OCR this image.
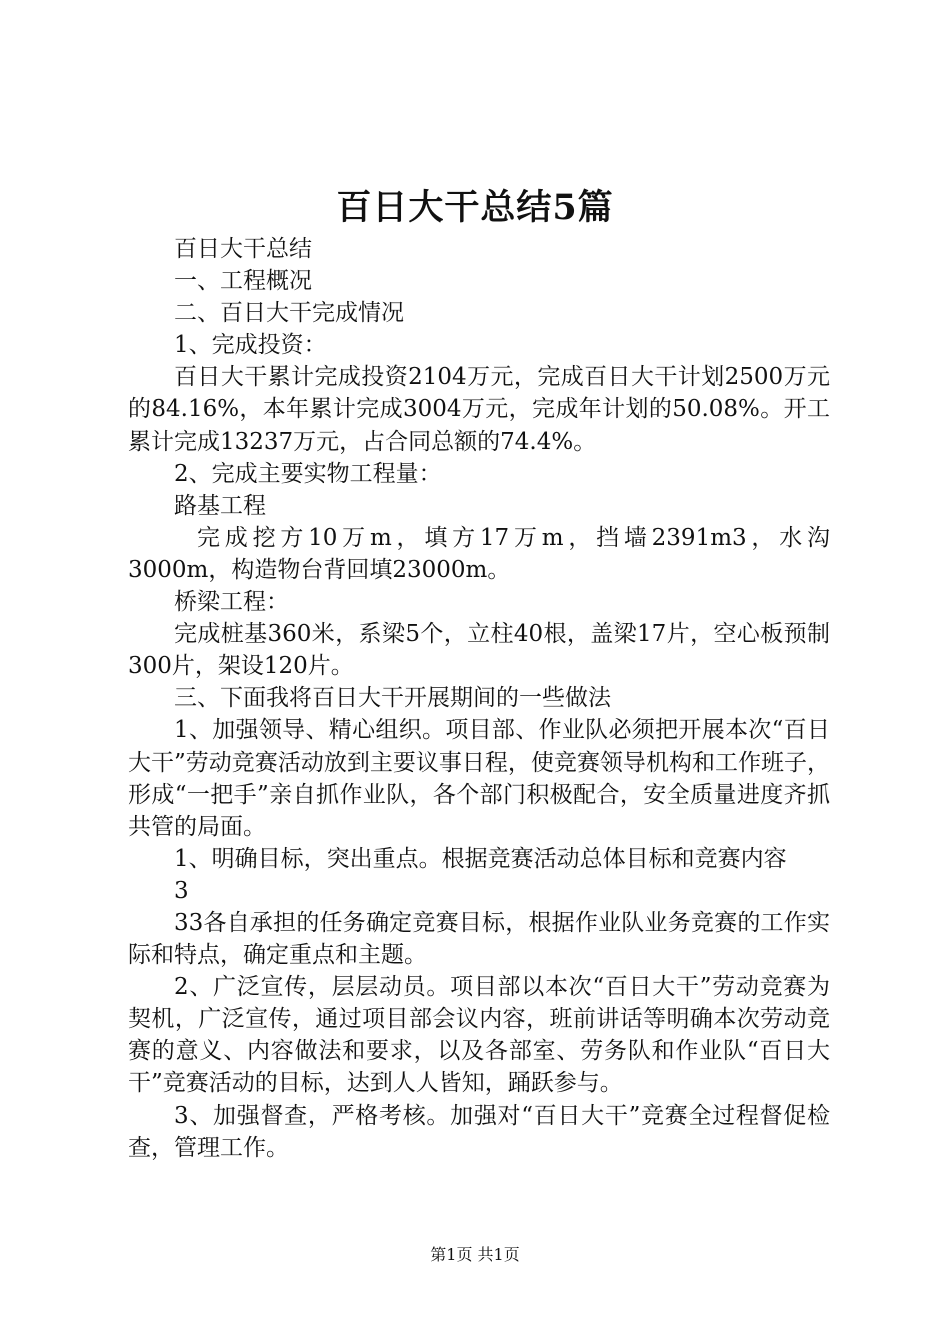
百日大干总结5篇

百日大干总结

一、工程概况

二、百日大干完成情况

1、完成投资：

百日大干累计完成投资2104万元，完成百日大干计划2500万元的84.16%，本年累计完成3004万元，完成年计划的50.08%。开工累计完成13237万元，占合同总额的74.4%。

2、完成主要实物工程量：

路基工程

完成挖方10万m，填方17万m，挡墙2391m3，水沟3000m，构造物台背回填23000m。

桥梁工程：

完成桩基360米，系梁5个，立柱40根，盖梁17片，空心板预制300片，架设120片。

三、下面我将百日大干开展期间的一些做法

1、加强领导、精心组织。项目部、作业队必须把开展本次“百日大干”劳动竞赛活动放到主要议事日程，使竞赛领导机构和工作班子，形成“一把手”亲自抓作业队，各个部门积极配合，安全质量进度齐抓共管的局面。

1、明确目标，突出重点。根据竞赛活动总体目标和竞赛内容

3

33各自承担的任务确定竞赛目标，根据作业队业务竞赛的工作实际和特点，确定重点和主题。

2、广泛宣传，层层动员。项目部以本次“百日大干”劳动竞赛为契机，广泛宣传，通过项目部会议内容，班前讲话等明确本次劳动竞赛的意义、内容做法和要求，以及各部室、劳务队和作业队“百日大干”竞赛活动的目标，达到人人皆知，踊跃参与。

3、加强督查，严格考核。加强对“百日大干”竞赛全过程督促检查，管理工作。

第1页 共1页
